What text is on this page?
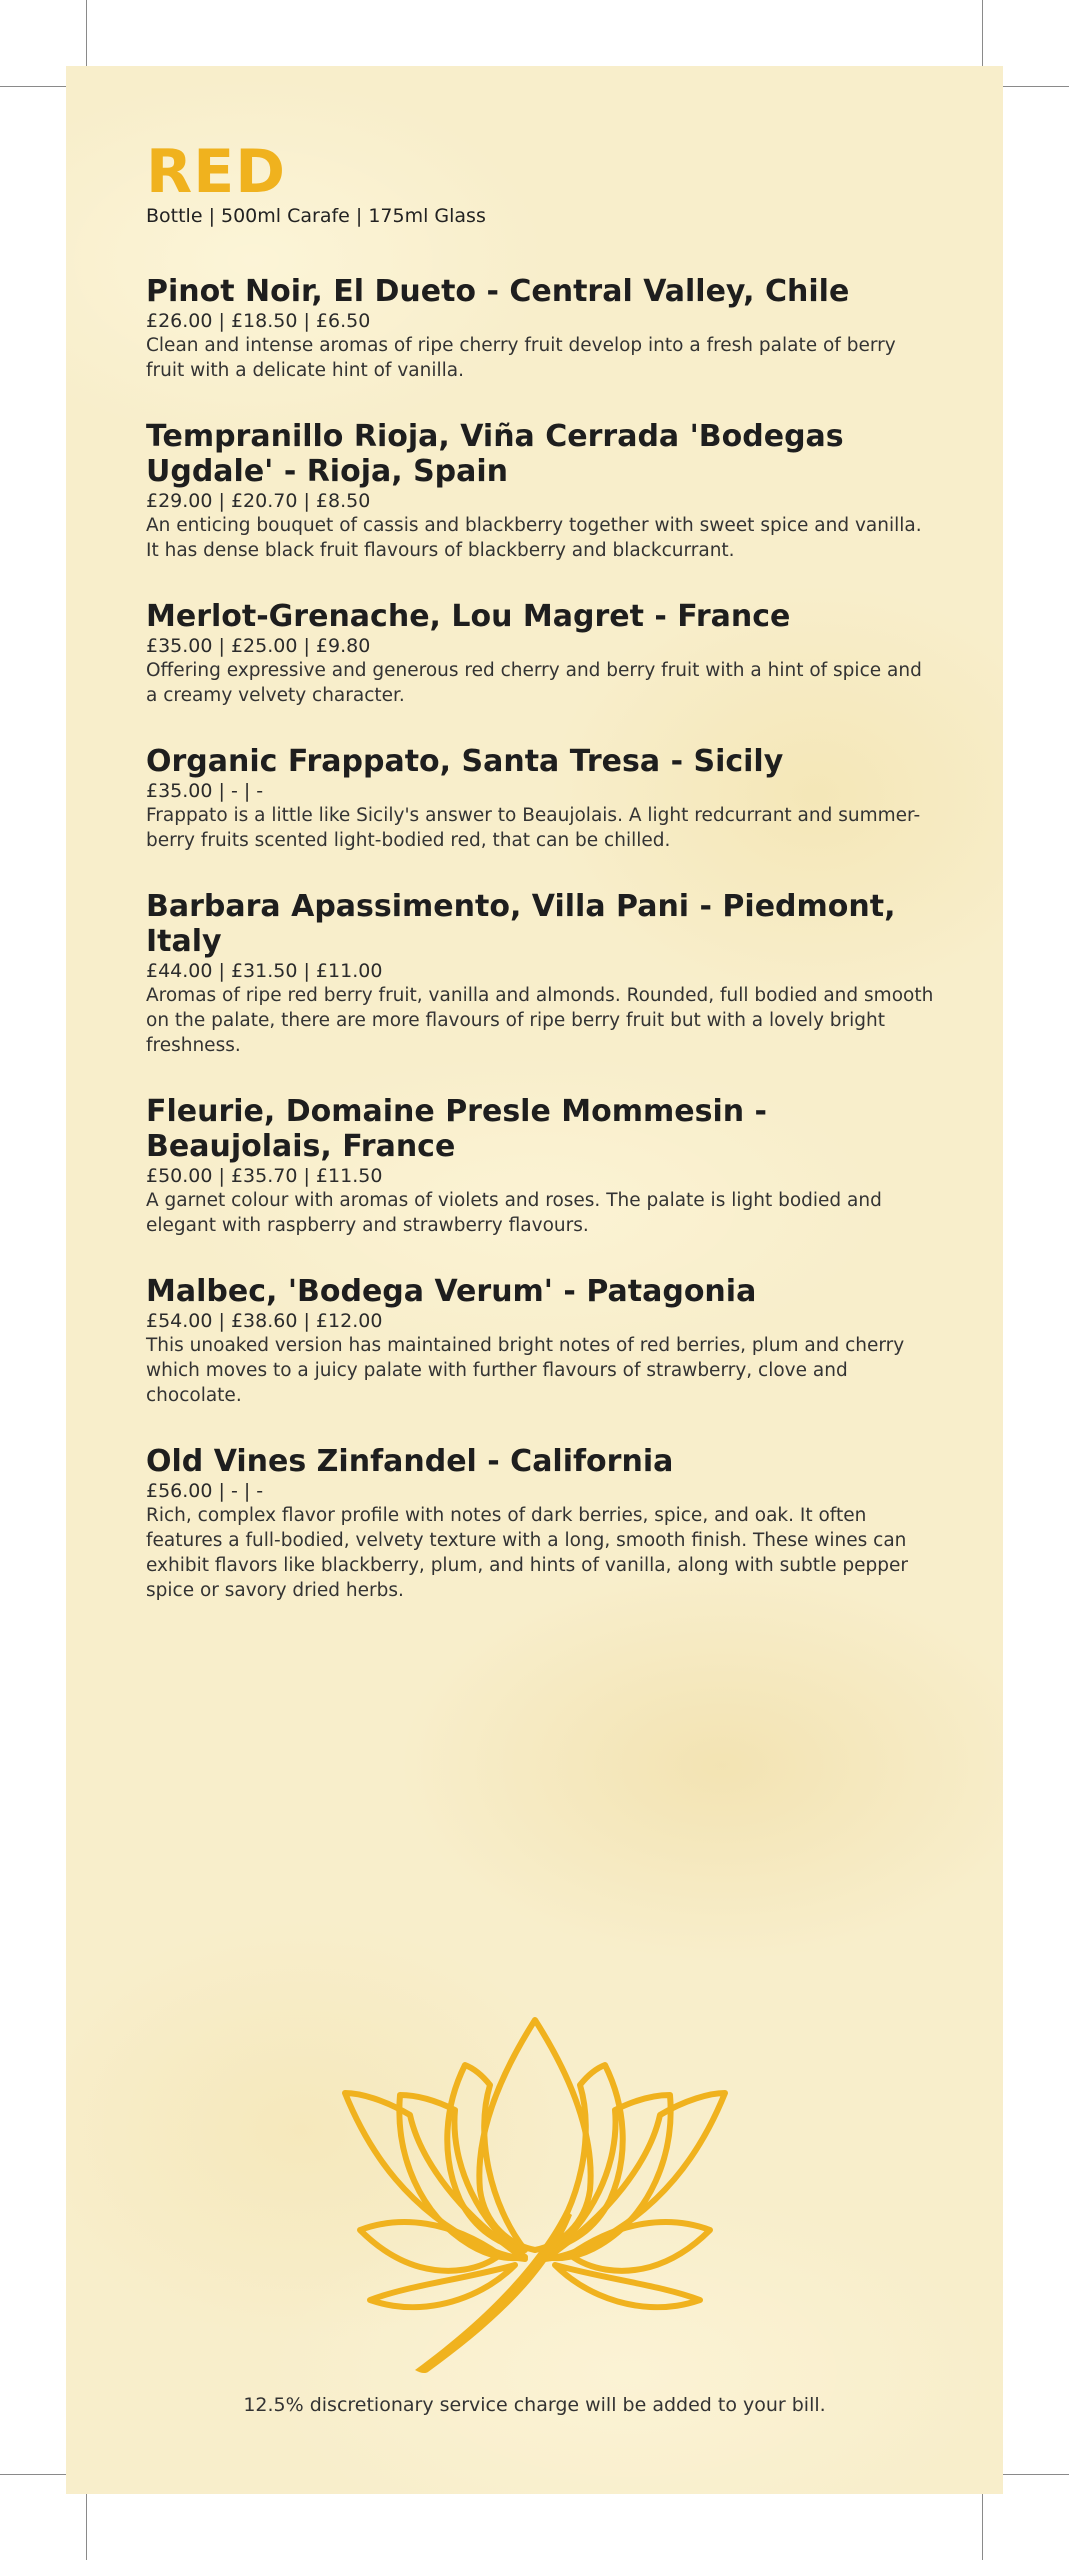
RED

Bottle | 500ml Carafe | 175ml Glass

Pinot Noir, El Dueto - Central Valley, Chile

£26.00 | £18.50 | £6.50

Clean and intense aromas of ripe cherry fruit develop into a fresh palate of berry fruit with a delicate hint of vanilla.

Tempranillo Rioja, Viña Cerrada 'Bodegas Ugdale' - Rioja, Spain

£29.00 | £20.70 | £8.50

An enticing bouquet of cassis and blackberry together with sweet spice and vanilla. It has dense black fruit flavours of blackberry and blackcurrant.

Merlot-Grenache, Lou Magret - France

£35.00 | £25.00 | £9.80

Offering expressive and generous red cherry and berry fruit with a hint of spice and a creamy velvety character.

Organic Frappato, Santa Tresa - Sicily

£35.00 | - | -

Frappato is a little like Sicily's answer to Beaujolais. A light redcurrant and summer-berry fruits scented light-bodied red, that can be chilled.

Barbara Apassimento, Villa Pani - Piedmont, Italy

£44.00 | £31.50 | £11.00

Aromas of ripe red berry fruit, vanilla and almonds. Rounded, full bodied and smooth on the palate, there are more flavours of ripe berry fruit but with a lovely bright freshness.

Fleurie, Domaine Presle Mommesin - Beaujolais, France

£50.00 | £35.70 | £11.50

A garnet colour with aromas of violets and roses. The palate is light bodied and elegant with raspberry and strawberry flavours.

Malbec, 'Bodega Verum' - Patagonia

£54.00 | £38.60 | £12.00

This unoaked version has maintained bright notes of red berries, plum and cherry which moves to a juicy palate with further flavours of strawberry, clove and chocolate.

Old Vines Zinfandel - California

£56.00 | - | -

Rich, complex flavor profile with notes of dark berries, spice, and oak. It often features a full-bodied, velvety texture with a long, smooth finish. These wines can exhibit flavors like blackberry, plum, and hints of vanilla, along with subtle pepper spice or savory dried herbs.

12.5% discretionary service charge will be added to your bill.
